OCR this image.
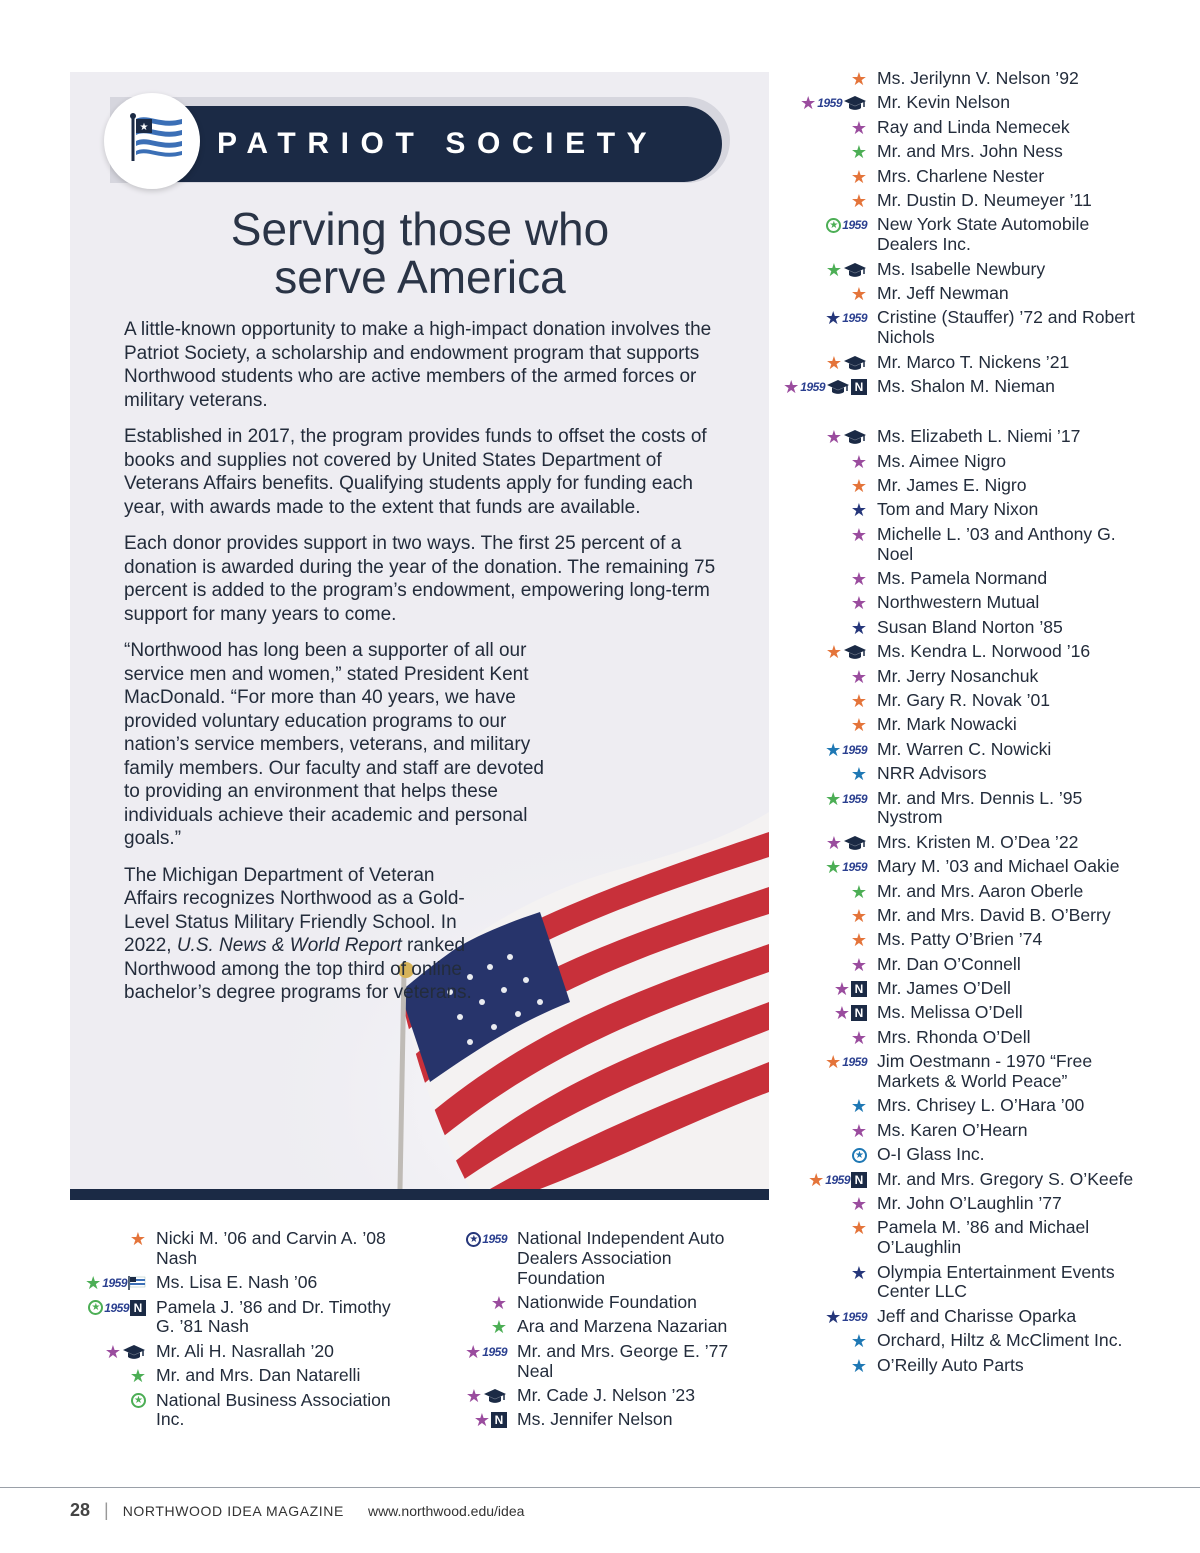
PATRIOT SOCIETY
★
Serving those who
serve America

A little-known opportunity to make a high-impact donation involves the Patriot Society, a scholarship and endowment program that supports Northwood students who are active members of the armed forces or military veterans.

Established in 2017, the program provides funds to offset the costs of books and supplies not covered by United States Department of Veterans Affairs benefits. Qualifying students apply for funding each year, with awards made to the extent that funds are available.

Each donor provides support in two ways. The first 25 percent of a donation is awarded during the year of the donation. The remaining 75 percent is added to the program’s endowment, empowering long-term support for many years to come.

“Northwood has long been a supporter of all our service men and women,” stated President Kent MacDonald. “For more than 40 years, we have provided voluntary education programs to our nation’s service members, veterans, and military family members. Our faculty and staff are devoted to providing an environment that helps these individuals achieve their academic and personal goals.”

The Michigan Department of Veteran Affairs recognizes Northwood as a Gold-Level Status Military Friendly School. In 2022, U.S. News & World Report ranked Northwood among the top third of online bachelor’s degree programs for veterans.

★ Nicki M. ’06 and Carvin A. ’08 Nash
★ 1959 Ms. Lisa E. Nash ’06
★ 1959 N Pamela J. ’86 and Dr. Timothy G. ’81 Nash
★ Mr. Ali H. Nasrallah ’20
★ Mr. and Mrs. Dan Natarelli
★ National Business Association Inc.
★ 1959 National Independent Auto Dealers Association Foundation
★ Nationwide Foundation
★ Ara and Marzena Nazarian
★ 1959 Mr. and Mrs. George E. ’77 Neal
★ Mr. Cade J. Nelson ’23
★ N Ms. Jennifer Nelson
★ Ms. Jerilynn V. Nelson ’92
★ 1959 Mr. Kevin Nelson
★ Ray and Linda Nemecek
★ Mr. and Mrs. John Ness
★ Mrs. Charlene Nester
★ Mr. Dustin D. Neumeyer ’11
★ 1959 New York State Automobile Dealers Inc.
★ Ms. Isabelle Newbury
★ Mr. Jeff Newman
★ 1959 Cristine (Stauffer) ’72 and Robert Nichols
★ Mr. Marco T. Nickens ’21
★ 1959	N Ms. Shalon M. Nieman
★ Ms. Elizabeth L. Niemi ’17
★ Ms. Aimee Nigro
★ Mr. James E. Nigro
★ Tom and Mary Nixon
★ Michelle L. ’03 and Anthony G. Noel
★ Ms. Pamela Normand
★ Northwestern Mutual
★ Susan Bland Norton ’85
★ Ms. Kendra L. Norwood ’16
★ Mr. Jerry Nosanchuk
★ Mr. Gary R. Novak ’01
★ Mr. Mark Nowacki
★ 1959 Mr. Warren C. Nowicki
★ NRR Advisors
★ 1959 Mr. and Mrs. Dennis L. ’95 Nystrom
★ Mrs. Kristen M. O’Dea ’22
★ 1959 Mary M. ’03 and Michael Oakie
★ Mr. and Mrs. Aaron Oberle
★ Mr. and Mrs. David B. O’Berry
★ Ms. Patty O’Brien ’74
★ Mr. Dan O’Connell
★ N Mr. James O’Dell
★ N Ms. Melissa O’Dell
★ Mrs. Rhonda O’Dell
★ 1959 Jim Oestmann - 1970 “Free Markets & World Peace”
★ Mrs. Chrisey L. O’Hara ’00
★ Ms. Karen O’Hearn
★ O-I Glass Inc.
★ 1959 N Mr. and Mrs. Gregory S. O’Keefe
★ Mr. John O’Laughlin ’77
★ Pamela M. ’86 and Michael O’Laughlin
★ Olympia Entertainment Events Center LLC
★ 1959 Jeff and Charisse Oparka
★ Orchard, Hiltz & McCliment Inc.
★ O’Reilly Auto Parts
28 | NORTHWOOD IDEA MAGAZINE www.northwood.edu/idea
